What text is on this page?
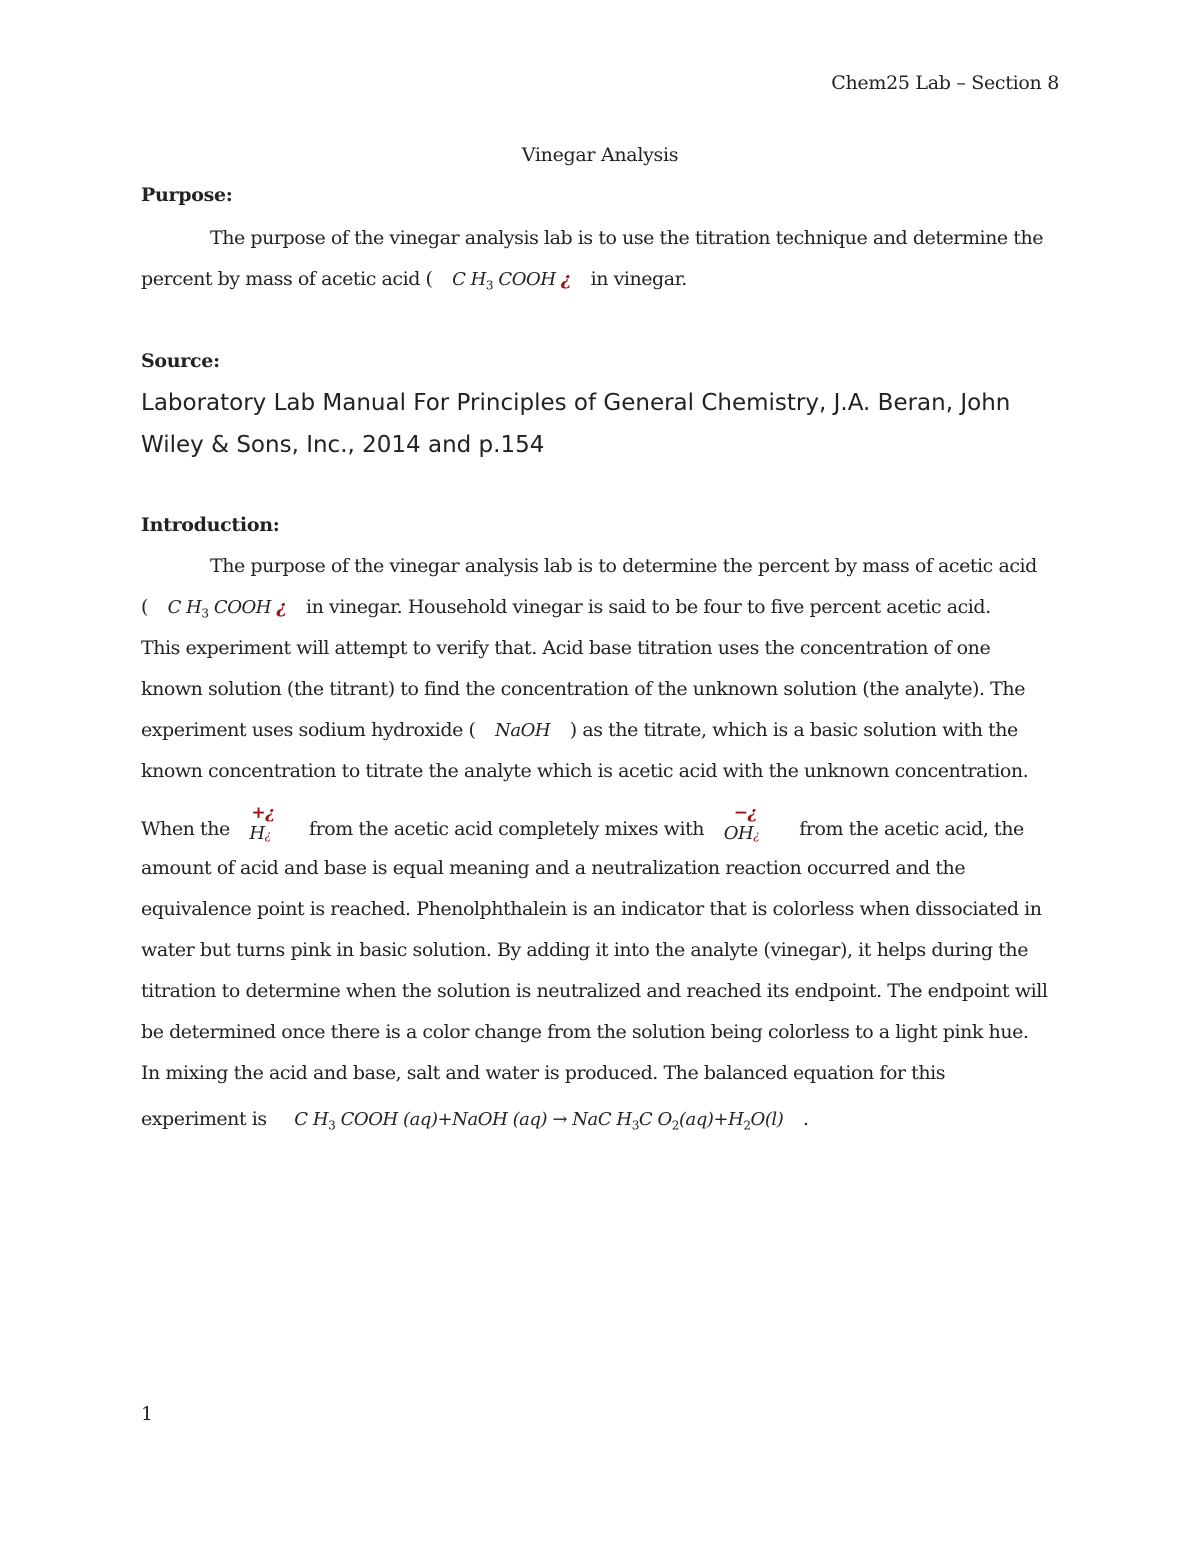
Chem25 Lab – Section 8
Vinegar Analysis
Purpose:
The purpose of the vinegar analysis lab is to use the titration technique and determine the
percent by mass of acetic acid ( C $H_3$ COOH ¿ in vinegar.
Source:
Laboratory Lab Manual For Principles of General Chemistry, J.A. Beran, John
Wiley & Sons, Inc., 2014 and p.154
Introduction:
The purpose of the vinegar analysis lab is to determine the percent by mass of acetic acid
( C $H_3$ COOH ¿ in vinegar. Household vinegar is said to be four to five percent acetic acid.
This experiment will attempt to verify that. Acid base titration uses the concentration of one
known solution (the titrant) to find the concentration of the unknown solution (the analyte). The
experiment uses sodium hydroxide ( NaOH ) as the titrate, which is a basic solution with the
known concentration to titrate the analyte which is acetic acid with the unknown concentration.
When the
+¿
H¿ from the acetic acid completely mixes with
−¿
OH¿ from the acetic acid, the
amount of acid and base is equal meaning and a neutralization reaction occurred and the
equivalence point is reached. Phenolphthalein is an indicator that is colorless when dissociated in
water but turns pink in basic solution. By adding it into the analyte (vinegar), it helps during the
titration to determine when the solution is neutralized and reached its endpoint. The endpoint will
be determined once there is a color change from the solution being colorless to a light pink hue.
In mixing the acid and base, salt and water is produced. The balanced equation for this
experiment is C $H_3$ COOH (aq)+NaOH (aq) → NaC $H_3C$ $O_2(aq)+H_2O(l)$ .
1
